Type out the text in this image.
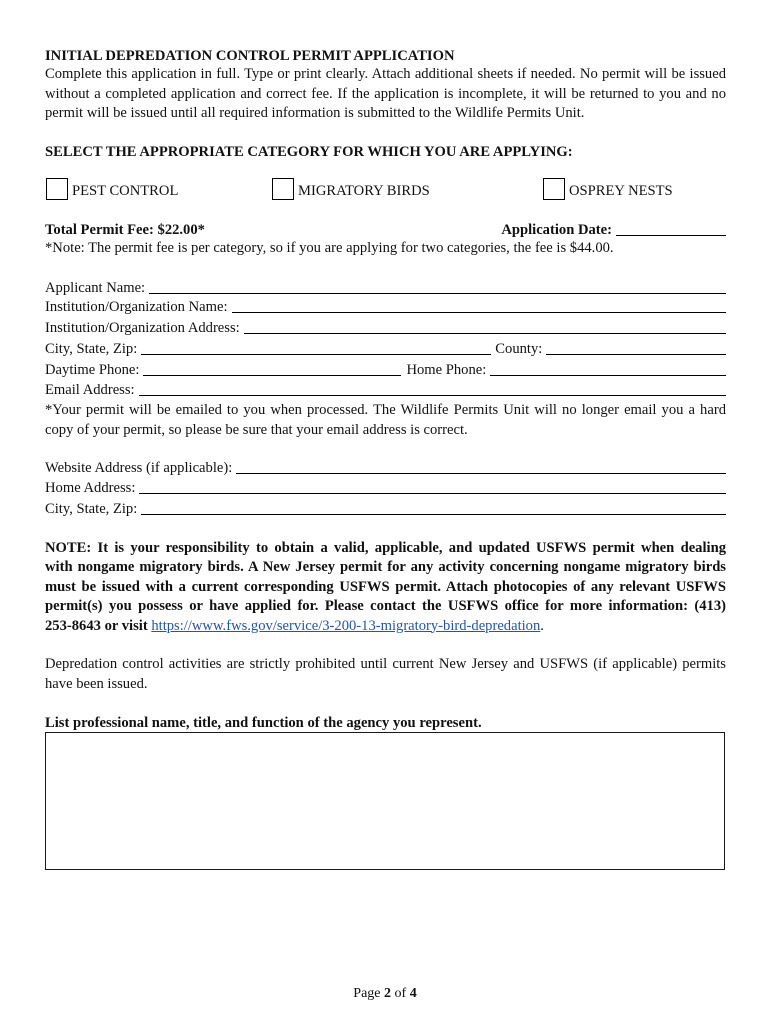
INITIAL DEPREDATION CONTROL PERMIT APPLICATION
Complete this application in full. Type or print clearly. Attach additional sheets if needed. No permit will be issued
without a completed application and correct fee. If the application is incomplete, it will be returned to you and no
permit will be issued until all required information is submitted to the Wildlife Permits Unit.
SELECT THE APPROPRIATE CATEGORY FOR WHICH YOU ARE APPLYING:
PEST CONTROL	MIGRATORY BIRDS	OSPREY NESTS
Total Permit Fee: $22.00*	Application Date:
*Note: The permit fee is per category, so if you are applying for two categories, the fee is $44.00.
Applicant Name:
Institution/Organization Name:
Institution/Organization Address:
City, State, Zip:	County:
Daytime Phone:	Home Phone:
Email Address:
*Your permit will be emailed to you when processed. The Wildlife Permits Unit will no longer email you a hard
copy of your permit, so please be sure that your email address is correct.
Website Address (if applicable):
Home Address:
City, State, Zip:
NOTE: It is your responsibility to obtain a valid, applicable, and updated USFWS permit when dealing
with nongame migratory birds. A New Jersey permit for any activity concerning nongame migratory birds
must be issued with a current corresponding USFWS permit. Attach photocopies of any relevant USFWS
permit(s) you possess or have applied for. Please contact the USFWS office for more information: (413)
253-8643 or visit https://www.fws.gov/service/3-200-13-migratory-bird-depredation.
Depredation control activities are strictly prohibited until current New Jersey and USFWS (if applicable) permits
have been issued.
List professional name, title, and function of the agency you represent.
Page 2 of 4
